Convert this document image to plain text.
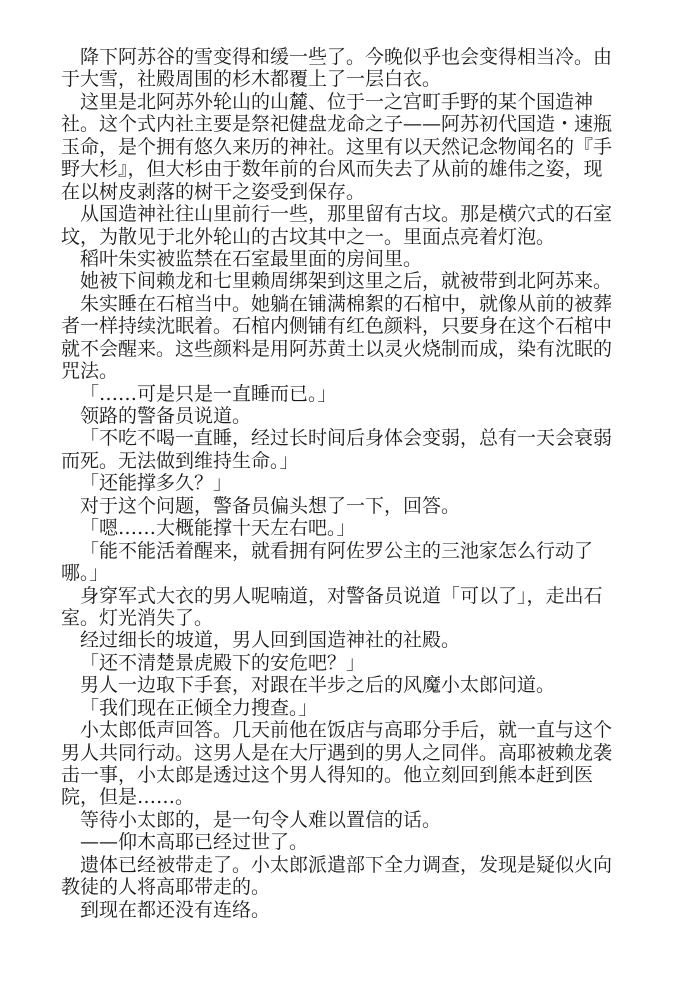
降下阿苏谷的雪变得和缓一些了。今晚似乎也会变得相当冷。由
于大雪，社殿周围的杉木都覆上了一层白衣。
这里是北阿苏外轮山的山麓、位于一之宫町手野的某个国造神
社。这个式内社主要是祭祀健盘龙命之子——阿苏初代国造・速瓶
玉命，是个拥有悠久来历的神社。这里有以天然记念物闻名的『手
野大杉』，但大杉由于数年前的台风而失去了从前的雄伟之姿，现
在以树皮剥落的树干之姿受到保存。
从国造神社往山里前行一些，那里留有古坟。那是横穴式的石室
坟，为散见于北外轮山的古坟其中之一。里面点亮着灯泡。
稻叶朱实被监禁在石室最里面的房间里。
她被下间赖龙和七里赖周绑架到这里之后，就被带到北阿苏来。
朱实睡在石棺当中。她躺在铺满棉絮的石棺中，就像从前的被葬
者一样持续沈眠着。石棺内侧铺有红色颜料，只要身在这个石棺中
就不会醒来。这些颜料是用阿苏黄土以灵火烧制而成，染有沈眠的
咒法。
「……可是只是一直睡而已。」
领路的警备员说道。
「不吃不喝一直睡，经过长时间后身体会变弱，总有一天会衰弱
而死。无法做到维持生命。」
「还能撑多久？」
对于这个问题，警备员偏头想了一下，回答。
「嗯……大概能撑十天左右吧。」
「能不能活着醒来，就看拥有阿佐罗公主的三池家怎么行动了
哪。」
身穿军式大衣的男人呢喃道，对警备员说道「可以了」，走出石
室。灯光消失了。
经过细长的坡道，男人回到国造神社的社殿。
「还不清楚景虎殿下的安危吧？」
男人一边取下手套，对跟在半步之后的风魔小太郎问道。
「我们现在正倾全力搜查。」
小太郎低声回答。几天前他在饭店与高耶分手后，就一直与这个
男人共同行动。这男人是在大厅遇到的男人之同伴。高耶被赖龙袭
击一事，小太郎是透过这个男人得知的。他立刻回到熊本赶到医
院，但是……。
等待小太郎的，是一句令人难以置信的话。
——仰木高耶已经过世了。
遗体已经被带走了。小太郎派遣部下全力调查，发现是疑似火向
教徒的人将高耶带走的。
到现在都还没有连络。
